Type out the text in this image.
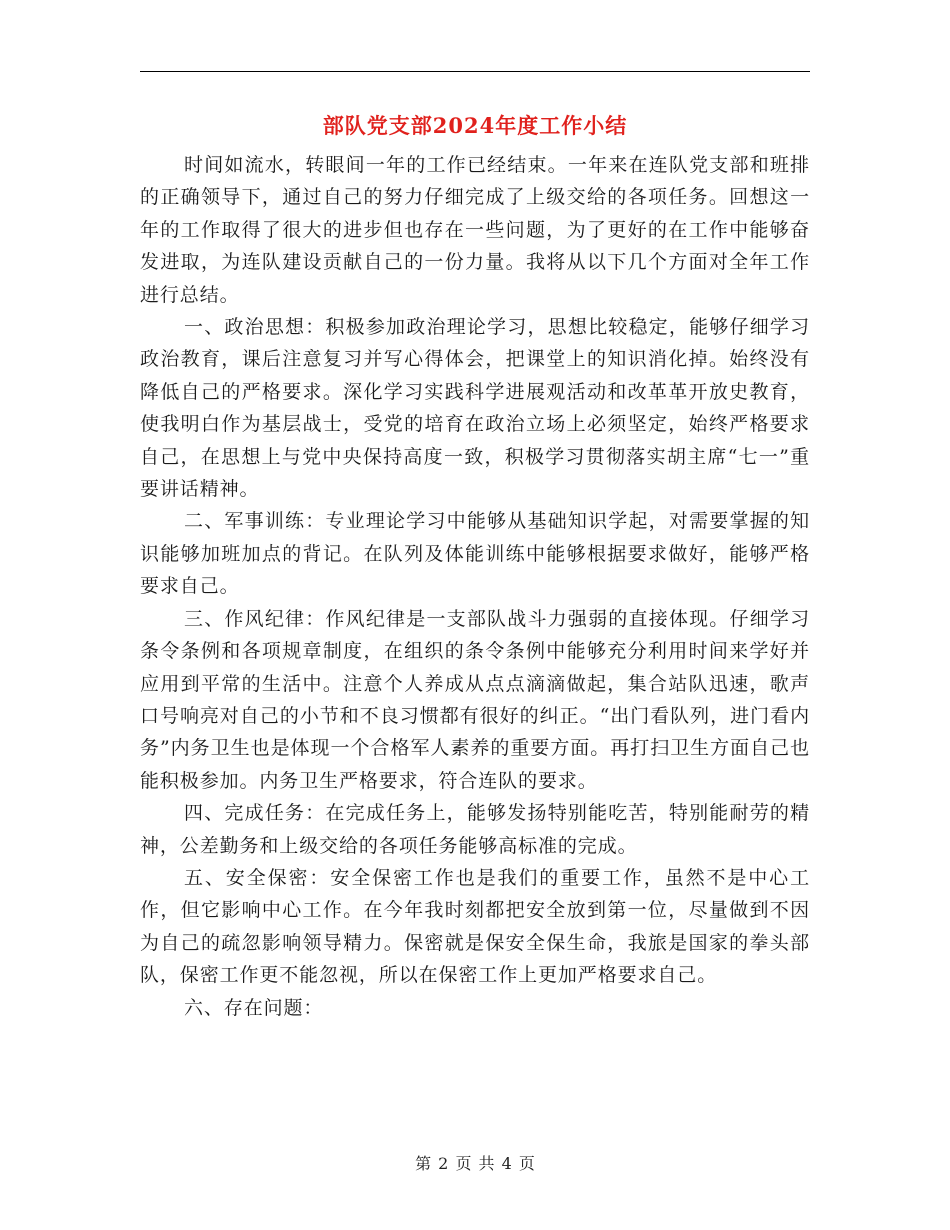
部队党支部2024年度工作小结

时间如流水，转眼间一年的工作已经结束。一年来在连队党支部和班排的正确领导下，通过自己的努力仔细完成了上级交给的各项任务。回想这一年的工作取得了很大的进步但也存在一些问题，为了更好的在工作中能够奋发进取，为连队建设贡献自己的一份力量。我将从以下几个方面对全年工作进行总结。

一、政治思想：积极参加政治理论学习，思想比较稳定，能够仔细学习政治教育，课后注意复习并写心得体会，把课堂上的知识消化掉。始终没有降低自己的严格要求。深化学习实践科学进展观活动和改革革开放史教育，使我明白作为基层战士，受党的培育在政治立场上必须坚定，始终严格要求自己，在思想上与党中央保持高度一致，积极学习贯彻落实胡主席“七一”重要讲话精神。

二、军事训练：专业理论学习中能够从基础知识学起，对需要掌握的知识能够加班加点的背记。在队列及体能训练中能够根据要求做好，能够严格要求自己。

三、作风纪律：作风纪律是一支部队战斗力强弱的直接体现。仔细学习条令条例和各项规章制度，在组织的条令条例中能够充分利用时间来学好并应用到平常的生活中。注意个人养成从点点滴滴做起，集合站队迅速，歌声口号响亮对自己的小节和不良习惯都有很好的纠正。“出门看队列，进门看内务”内务卫生也是体现一个合格军人素养的重要方面。再打扫卫生方面自己也能积极参加。内务卫生严格要求，符合连队的要求。

四、完成任务：在完成任务上，能够发扬特别能吃苦，特别能耐劳的精神，公差勤务和上级交给的各项任务能够高标准的完成。

五、安全保密：安全保密工作也是我们的重要工作，虽然不是中心工作，但它影响中心工作。在今年我时刻都把安全放到第一位，尽量做到不因为自己的疏忽影响领导精力。保密就是保安全保生命，我旅是国家的拳头部队，保密工作更不能忽视，所以在保密工作上更加严格要求自己。

六、存在问题：

第 2 页 共 4 页
